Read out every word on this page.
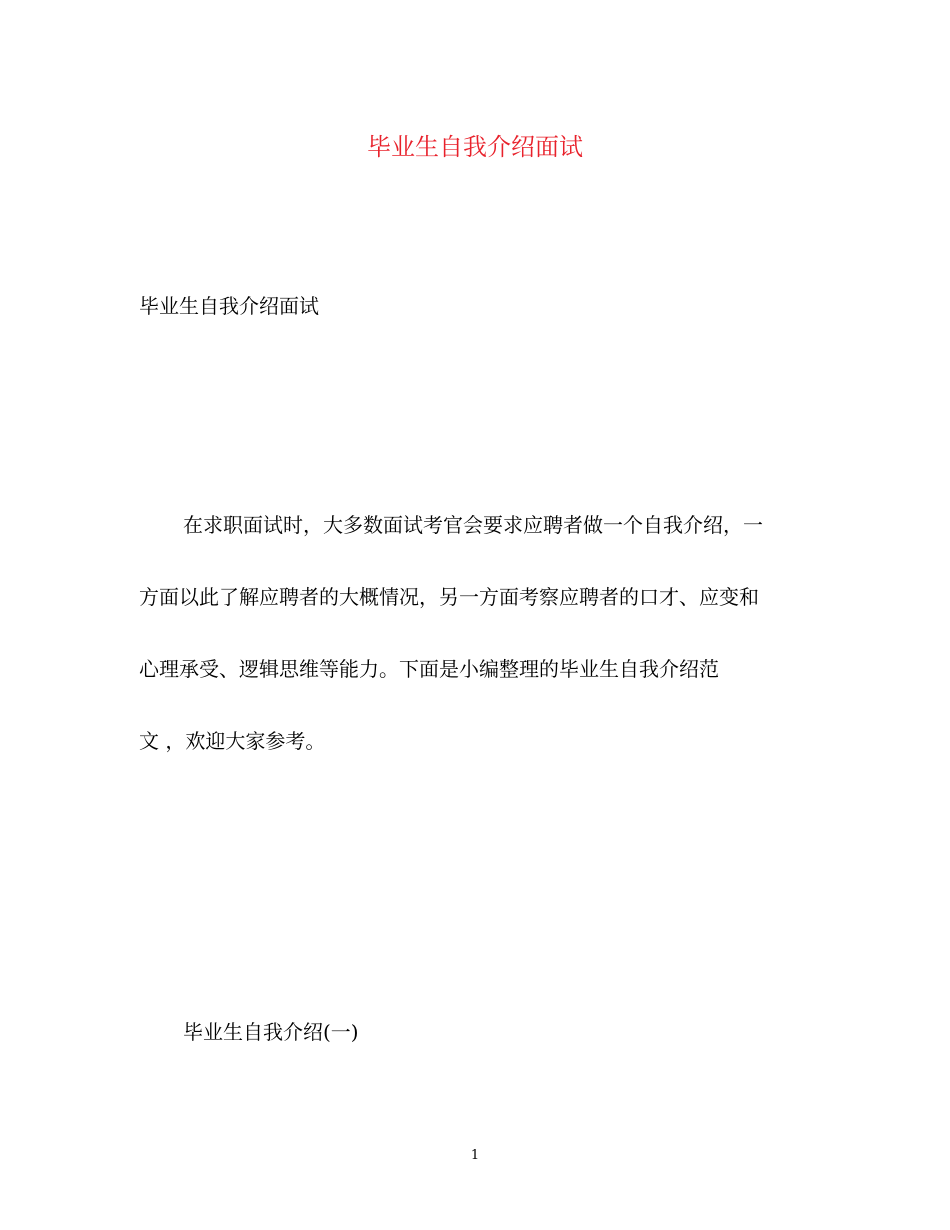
毕业生自我介绍面试
毕业生自我介绍面试
在求职面试时，大多数面试考官会要求应聘者做一个自我介绍，一
方面以此了解应聘者的大概情况，另一方面考察应聘者的口才、应变和
心理承受、逻辑思维等能力。下面是小编整理的毕业生自我介绍范
文 ，欢迎大家参考。
毕业生自我介绍(一)
1
